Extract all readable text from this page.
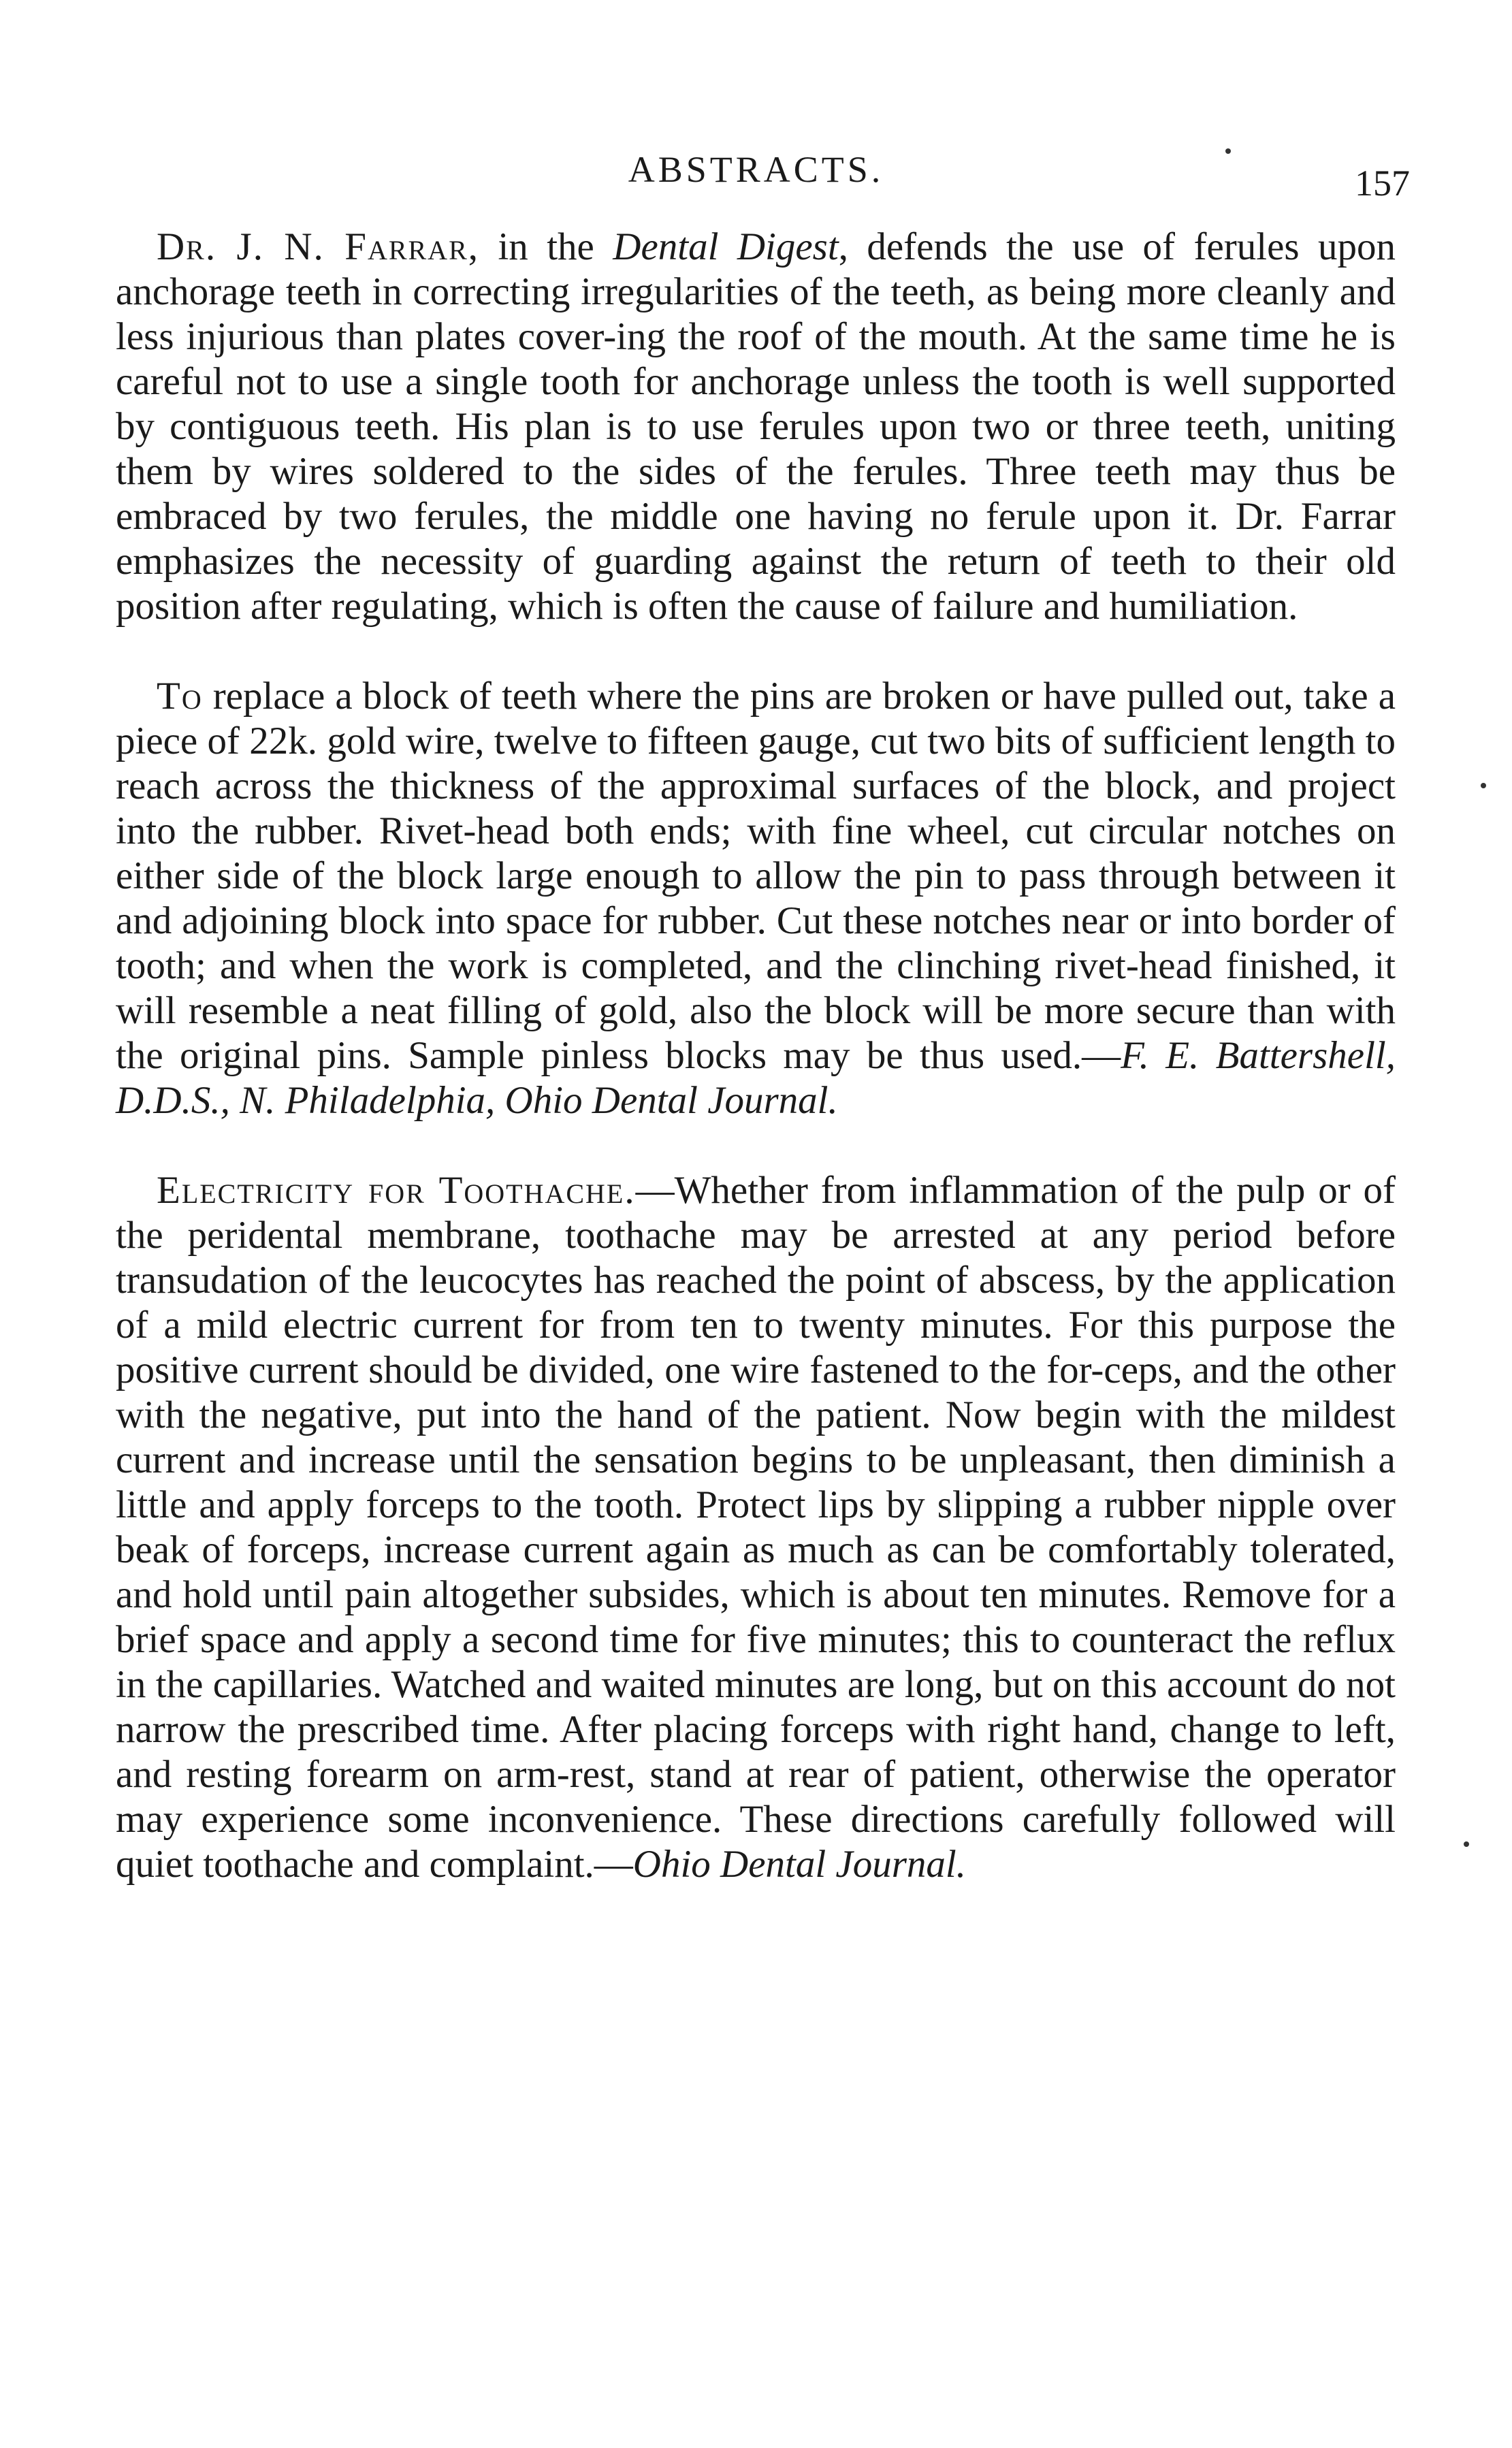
ABSTRACTS.	157

Dr. J. N. Farrar, in the Dental Digest, defends the use of ferules upon anchorage teeth in correcting irregularities of the teeth, as being more cleanly and less injurious than plates cover-ing the roof of the mouth. At the same time he is careful not to use a single tooth for anchorage unless the tooth is well supported by contiguous teeth. His plan is to use ferules upon two or three teeth, uniting them by wires soldered to the sides of the ferules. Three teeth may thus be embraced by two ferules, the middle one having no ferule upon it. Dr. Farrar emphasizes the necessity of guarding against the return of teeth to their old position after regulating, which is often the cause of failure and humiliation.

To replace a block of teeth where the pins are broken or have pulled out, take a piece of 22k. gold wire, twelve to fifteen gauge, cut two bits of sufficient length to reach across the thickness of the approximal surfaces of the block, and project into the rubber. Rivet-head both ends; with fine wheel, cut circular notches on either side of the block large enough to allow the pin to pass through between it and adjoining block into space for rubber. Cut these notches near or into border of tooth; and when the work is completed, and the clinching rivet-head finished, it will resemble a neat filling of gold, also the block will be more secure than with the original pins. Sample pinless blocks may be thus used.—F. E. Battershell, D.D.S., N. Philadelphia, Ohio Dental Journal.

Electricity for Toothache.—Whether from inflammation of the pulp or of the peridental membrane, toothache may be arrested at any period before transudation of the leucocytes has reached the point of abscess, by the application of a mild electric current for from ten to twenty minutes. For this purpose the positive current should be divided, one wire fastened to the for-ceps, and the other with the negative, put into the hand of the patient. Now begin with the mildest current and increase until the sensation begins to be unpleasant, then diminish a little and apply forceps to the tooth. Protect lips by slipping a rubber nipple over beak of forceps, increase current again as much as can be comfortably tolerated, and hold until pain altogether subsides, which is about ten minutes. Remove for a brief space and apply a second time for five minutes; this to counteract the reflux in the capillaries. Watched and waited minutes are long, but on this account do not narrow the prescribed time. After placing forceps with right hand, change to left, and resting forearm on arm-rest, stand at rear of patient, otherwise the operator may experience some inconvenience. These directions carefully followed will quiet toothache and complaint.—Ohio Dental Journal.
